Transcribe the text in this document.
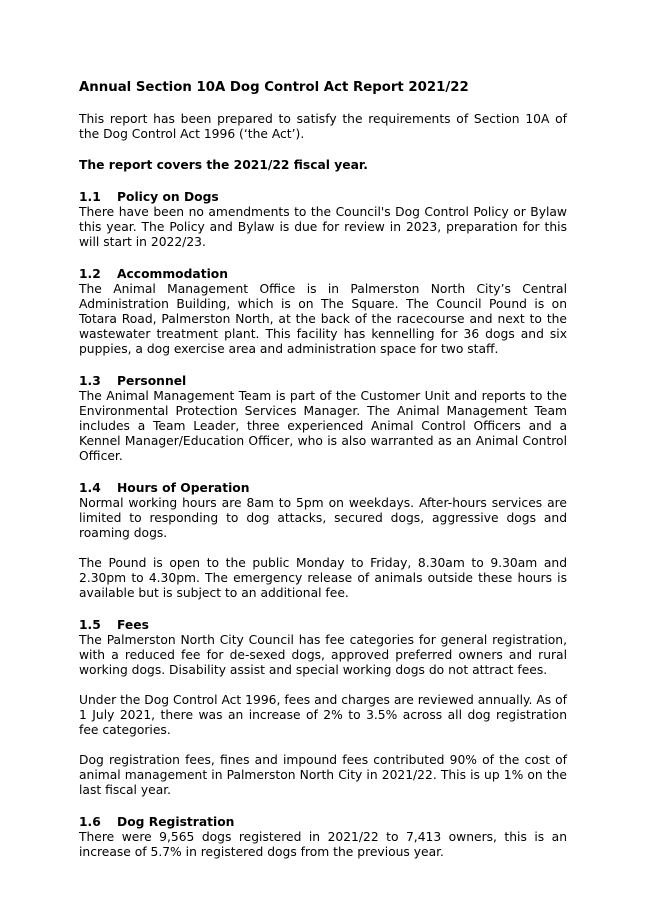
Annual Section 10A Dog Control Act Report 2021/22

This report has been prepared to satisfy the requirements of Section 10A of the Dog Control Act 1996 (‘the Act’).

The report covers the 2021/22 fiscal year.

1.1	Policy on Dogs

There have been no amendments to the Council's Dog Control Policy or Bylaw this year. The Policy and Bylaw is due for review in 2023, preparation for this will start in 2022/23.

1.2	Accommodation

The Animal Management Office is in Palmerston North City’s Central Administration Building, which is on The Square. The Council Pound is on Totara Road, Palmerston North, at the back of the racecourse and next to the wastewater treatment plant. This facility has kennelling for 36 dogs and six puppies, a dog exercise area and administration space for two staff.

1.3	Personnel

The Animal Management Team is part of the Customer Unit and reports to the Environmental Protection Services Manager. The Animal Management Team includes a Team Leader, three experienced Animal Control Officers and a Kennel Manager/Education Officer, who is also warranted as an Animal Control Officer.

1.4	Hours of Operation

Normal working hours are 8am to 5pm on weekdays. After-hours services are limited to responding to dog attacks, secured dogs, aggressive dogs and roaming dogs.

The Pound is open to the public Monday to Friday, 8.30am to 9.30am and 2.30pm to 4.30pm. The emergency release of animals outside these hours is available but is subject to an additional fee.

1.5	Fees

The Palmerston North City Council has fee categories for general registration, with a reduced fee for de-sexed dogs, approved preferred owners and rural working dogs. Disability assist and special working dogs do not attract fees.

Under the Dog Control Act 1996, fees and charges are reviewed annually. As of 1 July 2021, there was an increase of 2% to 3.5% across all dog registration fee categories.

Dog registration fees, fines and impound fees contributed 90% of the cost of animal management in Palmerston North City in 2021/22. This is up 1% on the last fiscal year.

1.6	Dog Registration

There were 9,565 dogs registered in 2021/22 to 7,413 owners, this is an increase of 5.7% in registered dogs from the previous year.
